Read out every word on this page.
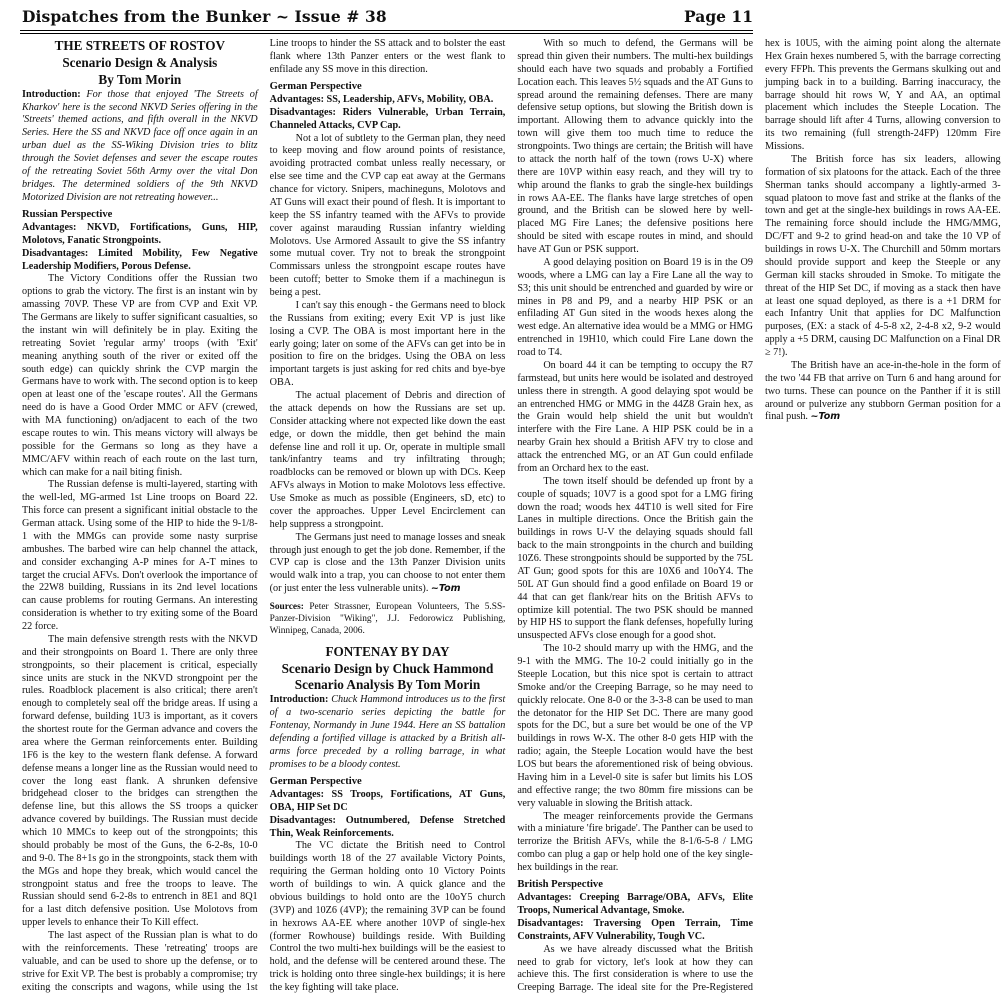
Dispatches from the Bunker ~ Issue # 38	Page 11

THE STREETS OF ROSTOV

Scenario Design & Analysis

By Tom Morin

Introduction: For those that enjoyed 'The Streets of Kharkov' here is the second NKVD Series offering in the 'Streets' themed actions, and fifth overall in the NKVD Series. Here the SS and NKVD face off once again in an urban duel as the SS-Wiking Division tries to blitz through the Soviet defenses and sever the escape routes of the retreating Soviet 56th Army over the vital Don bridges. The determined soldiers of the 9th NKVD Motorized Division are not retreating however...

Russian Perspective

Advantages: NKVD, Fortifications, Guns, HIP, Molotovs, Fanatic Strongpoints.

Disadvantages: Limited Mobility, Few Negative Leadership Modifiers, Porous Defense.

The Victory Conditions offer the Russian two options to grab the victory. The first is an instant win by amassing 70VP. These VP are from CVP and Exit VP. The Germans are likely to suffer significant casualties, so the instant win will definitely be in play. Exiting the retreating Soviet 'regular army' troops (with 'Exit' meaning anything south of the river or exited off the south edge) can quickly shrink the CVP margin the Germans have to work with. The second option is to keep open at least one of the 'escape routes'. All the Germans need do is have a Good Order MMC or AFV (crewed, with MA functioning) on/adjacent to each of the two escape routes to win. This means victory will always be possible for the Germans so long as they have a MMC/AFV within reach of each route on the last turn, which can make for a nail biting finish.

The Russian defense is multi-layered, starting with the well-led, MG-armed 1st Line troops on Board 22. This force can present a significant initial obstacle to the German attack. Using some of the HIP to hide the 9-1/8-1 with the MMGs can provide some nasty surprise ambushes. The barbed wire can help channel the attack, and consider exchanging A-P mines for A-T mines to target the crucial AFVs. Don't overlook the importance of the 22W8 building, Russians in its 2nd level locations can cause problems for routing Germans. An interesting consideration is whether to try exiting some of the Board 22 force.

The main defensive strength rests with the NKVD and their strongpoints on Board 1. There are only three strongpoints, so their placement is critical, especially since units are stuck in the NKVD strongpoint per the rules. Roadblock placement is also critical; there aren't enough to completely seal off the bridge areas. If using a forward defense, building 1U3 is important, as it covers the shortest route for the German advance and covers the area where the German reinforcements enter. Building 1F6 is the key to the western flank defense. A forward defense means a longer line as the Russian would need to cover the long east flank. A shrunken defensive bridgehead closer to the bridges can strengthen the defense line, but this allows the SS troops a quicker advance covered by buildings. The Russian must decide which 10 MMCs to keep out of the strongpoints; this should probably be most of the Guns, the 6-2-8s, 10-0 and 9-0. The 8+1s go in the strongpoints, stack them with the MGs and hope they break, which would cancel the strongpoint status and free the troops to leave. The Russian should send 6-2-8s to entrench in 8E1 and 8Q1 for a last ditch defensive position. Use Molotovs from upper levels to enhance their To Kill effect.

The last aspect of the Russian plan is what to do with the reinforcements. These 'retreating' troops are valuable, and can be used to shore up the defense, or to strive for Exit VP. The best is probably a compromise; try exiting the conscripts and wagons, while using the 1st Line troops to hinder the SS attack and to bolster the east flank where 13th Panzer enters or the west flank to enfilade any SS move in this direction.

German Perspective

Advantages: SS, Leadership, AFVs, Mobility, OBA.

Disadvantages: Riders Vulnerable, Urban Terrain, Channeled Attacks, CVP Cap.

Not a lot of subtlety to the German plan, they need to keep moving and flow around points of resistance, avoiding protracted combat unless really necessary, or else see time and the CVP cap eat away at the Germans chance for victory. Snipers, machineguns, Molotovs and AT Guns will exact their pound of flesh. It is important to keep the SS infantry teamed with the AFVs to provide cover against marauding Russian infantry wielding Molotovs. Use Armored Assault to give the SS infantry some mutual cover. Try not to break the strongpoint Commissars unless the strongpoint escape routes have been cutoff; better to Smoke them if a machinegun is being a pest.

I can't say this enough - the Germans need to block the Russians from exiting; every Exit VP is just like losing a CVP. The OBA is most important here in the early going; later on some of the AFVs can get into be in position to fire on the bridges. Using the OBA on less important targets is just asking for red chits and bye-bye OBA.

The actual placement of Debris and direction of the attack depends on how the Russians are set up. Consider attacking where not expected like down the east edge, or down the middle, then get behind the main defense line and roll it up. Or, operate in multiple small tank/infantry teams and try infiltrating through; roadblocks can be removed or blown up with DCs. Keep AFVs always in Motion to make Molotovs less effective. Use Smoke as much as possible (Engineers, sD, etc) to cover the approaches. Upper Level Encirclement can help suppress a strongpoint.

The Germans just need to manage losses and sneak through just enough to get the job done. Remember, if the CVP cap is close and the 13th Panzer Division units would walk into a trap, you can choose to not enter them (or just enter the less vulnerable units). ~Tom

Sources: Peter Strassner, European Volunteers, The 5.SS-Panzer-Division "Wiking", J.J. Fedorowicz Publishing, Winnipeg, Canada, 2006.

FONTENAY BY DAY

Scenario Design by Chuck Hammond

Scenario Analysis By Tom Morin

Introduction: Chuck Hammond introduces us to the first of a two-scenario series depicting the battle for Fontenay, Normandy in June 1944. Here an SS battalion defending a fortified village is attacked by a British all-arms force preceded by a rolling barrage, in what promises to be a bloody contest.

German Perspective

Advantages: SS Troops, Fortifications, AT Guns, OBA, HIP Set DC

Disadvantages: Outnumbered, Defense Stretched Thin, Weak Reinforcements.

The VC dictate the British need to Control buildings worth 18 of the 27 available Victory Points, requiring the German holding onto 10 Victory Points worth of buildings to win. A quick glance and the obvious buildings to hold onto are the 10oY5 church (3VP) and 10Z6 (4VP); the remaining 3VP can be found in hexrows AA-EE where another 10VP of single-hex (former Rowhouse) buildings reside. With Building Control the two multi-hex buildings will be the easiest to hold, and the defense will be centered around these. The trick is holding onto three single-hex buildings; it is here the key fighting will take place.

With so much to defend, the Germans will be spread thin given their numbers. The multi-hex buildings should each have two squads and probably a Fortified Location each. This leaves 5½ squads and the AT Guns to spread around the remaining defenses. There are many defensive setup options, but slowing the British down is important. Allowing them to advance quickly into the town will give them too much time to reduce the strongpoints. Two things are certain; the British will have to attack the north half of the town (rows U-X) where there are 10VP within easy reach, and they will try to whip around the flanks to grab the single-hex buildings in rows AA-EE. The flanks have large stretches of open ground, and the British can be slowed here by well-placed MG Fire Lanes; the defensive positions here should be sited with escape routes in mind, and should have AT Gun or PSK support.

A good delaying position on Board 19 is in the O9 woods, where a LMG can lay a Fire Lane all the way to S3; this unit should be entrenched and guarded by wire or mines in P8 and P9, and a nearby HIP PSK or an enfilading AT Gun sited in the woods hexes along the west edge. An alternative idea would be a MMG or HMG entrenched in 19H10, which could Fire Lane down the road to T4.

On board 44 it can be tempting to occupy the R7 farmstead, but units here would be isolated and destroyed unless there in strength. A good delaying spot would be an entrenched HMG or MMG in the 44Z8 Grain hex, as the Grain would help shield the unit but wouldn't interfere with the Fire Lane. A HIP PSK could be in a nearby Grain hex should a British AFV try to close and attack the entrenched MG, or an AT Gun could enfilade from an Orchard hex to the east.

The town itself should be defended up front by a couple of squads; 10V7 is a good spot for a LMG firing down the road; woods hex 44T10 is well sited for Fire Lanes in multiple directions. Once the British gain the buildings in rows U-V the delaying squads should fall back to the main strongpoints in the church and building 10Z6. These strongpoints should be supported by the 75L AT Gun; good spots for this are 10X6 and 10oY4. The 50L AT Gun should find a good enfilade on Board 19 or 44 that can get flank/rear hits on the British AFVs to optimize kill potential. The two PSK should be manned by HIP HS to support the flank defenses, hopefully luring unsuspected AFVs close enough for a good shot.

The 10-2 should marry up with the HMG, and the 9-1 with the MMG. The 10-2 could initially go in the Steeple Location, but this nice spot is certain to attract Smoke and/or the Creeping Barrage, so he may need to quickly relocate. One 8-0 or the 3-3-8 can be used to man the detonator for the HIP Set DC. There are many good spots for the DC, but a sure bet would be one of the VP buildings in rows W-X. The other 8-0 gets HIP with the radio; again, the Steeple Location would have the best LOS but bears the aforementioned risk of being obvious. Having him in a Level-0 site is safer but limits his LOS and effective range; the two 80mm fire missions can be very valuable in slowing the British attack.

The meager reinforcements provide the Germans with a miniature 'fire brigade'. The Panther can be used to terrorize the British AFVs, while the 8-1/6-5-8 / LMG combo can plug a gap or help hold one of the key single-hex buildings in the rear.

British Perspective

Advantages: Creeping Barrage/OBA, AFVs, Elite Troops, Numerical Advantage, Smoke.

Disadvantages: Traversing Open Terrain, Time Constraints, AFV Vulnerability, Tough VC.

As we have already discussed what the British need to grab for victory, let's look at how they can achieve this. The first consideration is where to use the Creeping Barrage. The ideal site for the Pre-Registered hex is 10U5, with the aiming point along the alternate Hex Grain hexes numbered 5, with the barrage correcting every FFPh. This prevents the Germans skulking out and jumping back in to a building. Barring inaccuracy, the barrage should hit rows W, Y and AA, an optimal placement which includes the Steeple Location. The barrage should lift after 4 Turns, allowing conversion to its two remaining (full strength-24FP) 120mm Fire Missions.

The British force has six leaders, allowing formation of six platoons for the attack. Each of the three Sherman tanks should accompany a lightly-armed 3-squad platoon to move fast and strike at the flanks of the town and get at the single-hex buildings in rows AA-EE. The remaining force should include the HMG/MMG, DC/FT and 9-2 to grind head-on and take the 10 VP of buildings in rows U-X. The Churchill and 50mm mortars should provide support and keep the Steeple or any German kill stacks shrouded in Smoke. To mitigate the threat of the HIP Set DC, if moving as a stack then have at least one squad deployed, as there is a +1 DRM for each Infantry Unit that applies for DC Malfunction purposes, (EX: a stack of 4-5-8 x2, 2-4-8 x2, 9-2 would apply a +5 DRM, causing DC Malfunction on a Final DR ≥ 7!).

The British have an ace-in-the-hole in the form of the two '44 FB that arrive on Turn 6 and hang around for two turns. These can pounce on the Panther if it is still around or pulverize any stubborn German position for a final push. ~Tom
